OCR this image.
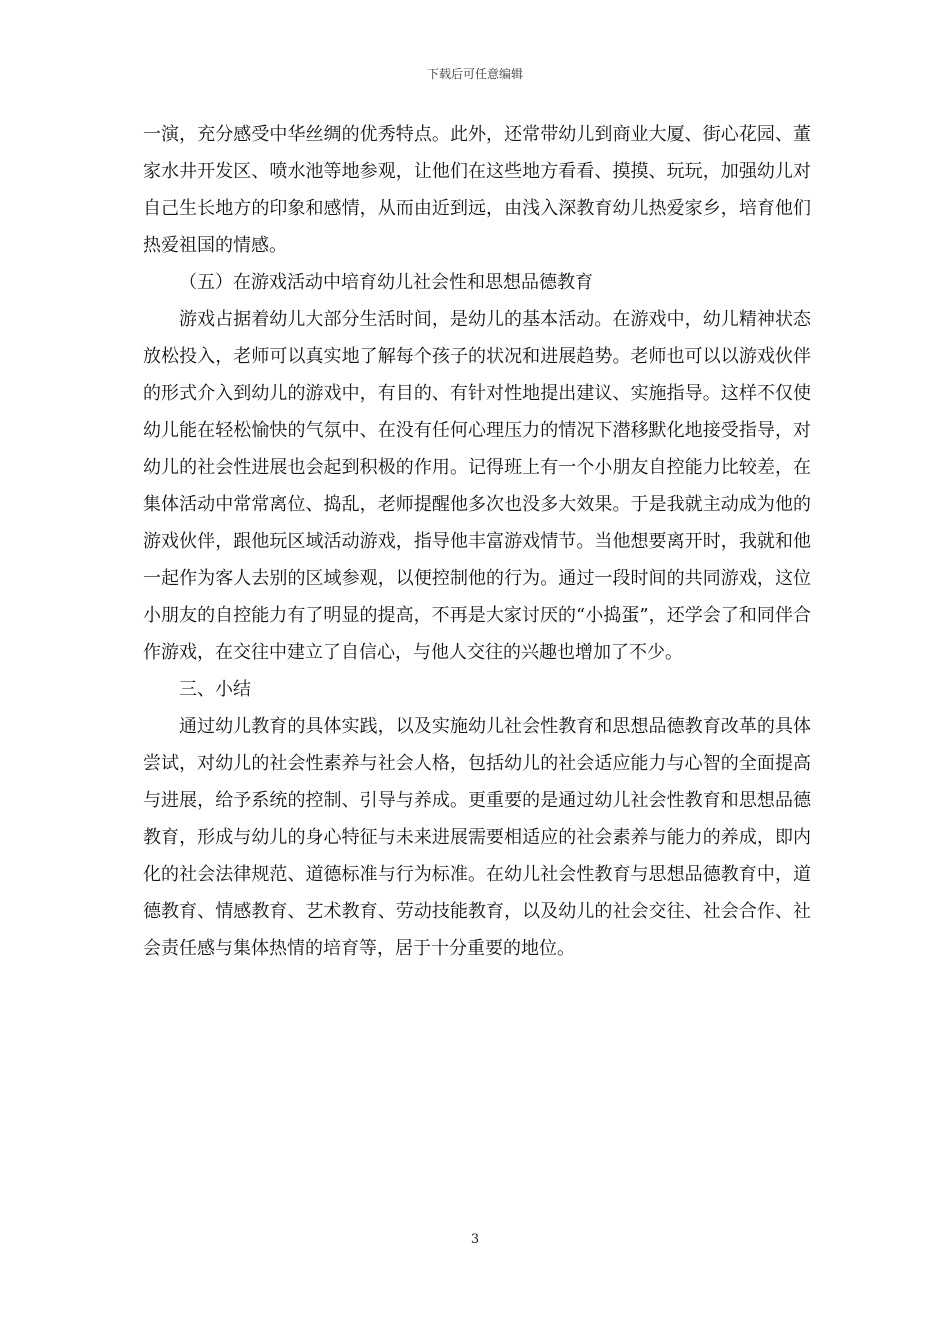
下载后可任意编辑

一演，充分感受中华丝绸的优秀特点。此外，还常带幼儿到商业大厦、街心花园、董家水井开发区、喷水池等地参观，让他们在这些地方看看、摸摸、玩玩，加强幼儿对自己生长地方的印象和感情，从而由近到远，由浅入深教育幼儿热爱家乡，培育他们热爱祖国的情感。

（五）在游戏活动中培育幼儿社会性和思想品德教育

游戏占据着幼儿大部分生活时间，是幼儿的基本活动。在游戏中，幼儿精神状态放松投入，老师可以真实地了解每个孩子的状况和进展趋势。老师也可以以游戏伙伴的形式介入到幼儿的游戏中，有目的、有针对性地提出建议、实施指导。这样不仅使幼儿能在轻松愉快的气氛中、在没有任何心理压力的情况下潜移默化地接受指导，对幼儿的社会性进展也会起到积极的作用。记得班上有一个小朋友自控能力比较差，在集体活动中常常离位、捣乱，老师提醒他多次也没多大效果。于是我就主动成为他的游戏伙伴，跟他玩区域活动游戏，指导他丰富游戏情节。当他想要离开时，我就和他一起作为客人去别的区域参观，以便控制他的行为。通过一段时间的共同游戏，这位小朋友的自控能力有了明显的提高，不再是大家讨厌的“小捣蛋”，还学会了和同伴合作游戏，在交往中建立了自信心，与他人交往的兴趣也增加了不少。

三、小结

通过幼儿教育的具体实践，以及实施幼儿社会性教育和思想品德教育改革的具体尝试，对幼儿的社会性素养与社会人格，包括幼儿的社会适应能力与心智的全面提高与进展，给予系统的控制、引导与养成。更重要的是通过幼儿社会性教育和思想品德教育，形成与幼儿的身心特征与未来进展需要相适应的社会素养与能力的养成，即内化的社会法律规范、道德标准与行为标准。在幼儿社会性教育与思想品德教育中，道德教育、情感教育、艺术教育、劳动技能教育，以及幼儿的社会交往、社会合作、社会责任感与集体热情的培育等，居于十分重要的地位。

3
